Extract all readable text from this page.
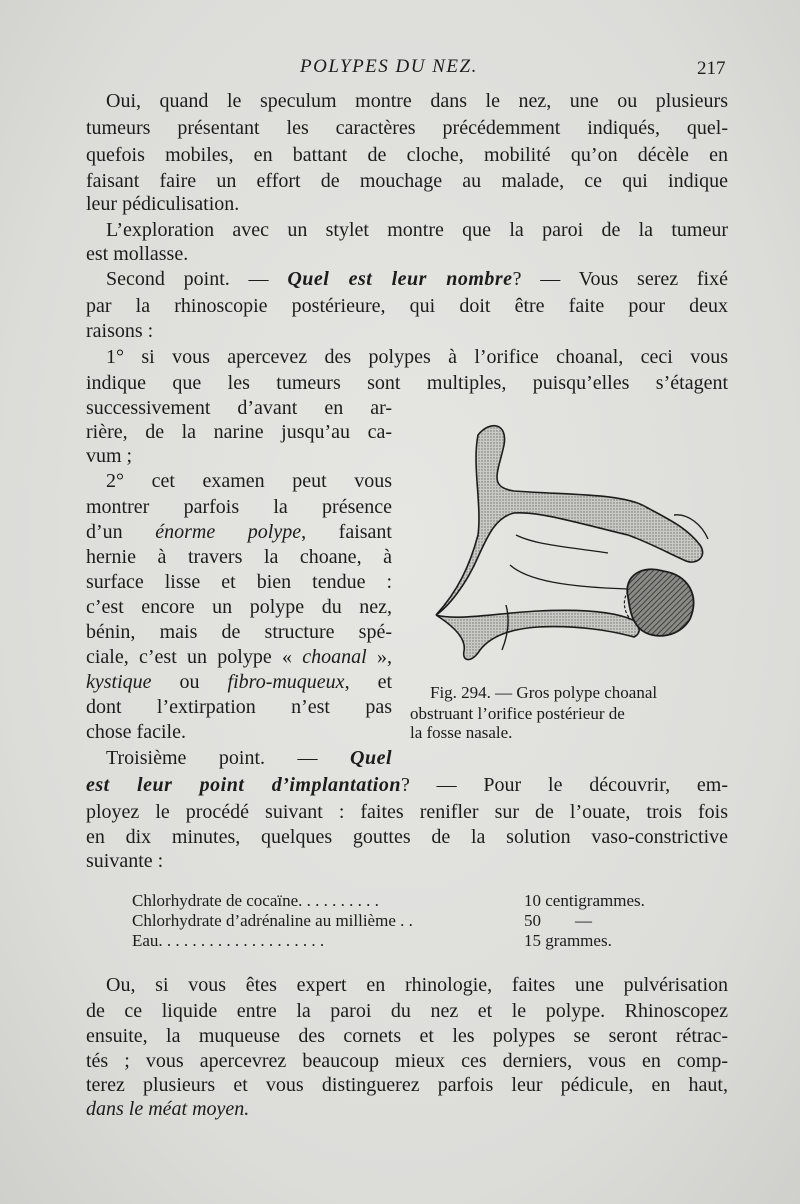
POLYPES DU NEZ.	217
Oui, quand le speculum montre dans le nez, une ou plusieurs
tumeurs présentant les caractères précédemment indiqués, quel-
quefois mobiles, en battant de cloche, mobilité qu’on décèle en
faisant faire un effort de mouchage au malade, ce qui indique
leur pédiculisation.
L’exploration avec un stylet montre que la paroi de la tumeur
est mollasse.
Second point. — Quel est leur nombre? — Vous serez fixé
par la rhinoscopie postérieure, qui doit être faite pour deux
raisons :
1° si vous apercevez des polypes à l’orifice choanal, ceci vous
indique que les tumeurs sont multiples, puisqu’elles s’étagent
successivement d’avant en ar-
rière, de la narine jusqu’au ca-
vum ;
2° cet examen peut vous
montrer parfois la présence
d’un énorme polype, faisant
hernie à travers la choane, à
surface lisse et bien tendue :
c’est encore un polype du nez,
bénin, mais de structure spé-
ciale, c’est un polype « choanal »,
kystique ou fibro-muqueux, et
dont l’extirpation n’est pas
chose facile.
Fig. 294. — Gros polype choanal
obstruant l’orifice postérieur de
la fosse nasale.
Troisième point. — Quel
est leur point d’implantation? — Pour le découvrir, em-
ployez le procédé suivant : faites renifler sur de l’ouate, trois fois
en dix minutes, quelques gouttes de la solution vaso-constrictive
suivante :
Chlorhydrate de cocaïne. . . . . . . . . .	10 centigrammes.
Chlorhydrate d’adrénaline au millième . .	50        —
Eau. . . . . . . . . . . . . . . . . . . .	15 grammes.
Ou, si vous êtes expert en rhinologie, faites une pulvérisation
de ce liquide entre la paroi du nez et le polype. Rhinoscopez
ensuite, la muqueuse des cornets et les polypes se seront rétrac-
tés ; vous apercevrez beaucoup mieux ces derniers, vous en comp-
terez plusieurs et vous distinguerez parfois leur pédicule, en haut,
dans le méat moyen.
